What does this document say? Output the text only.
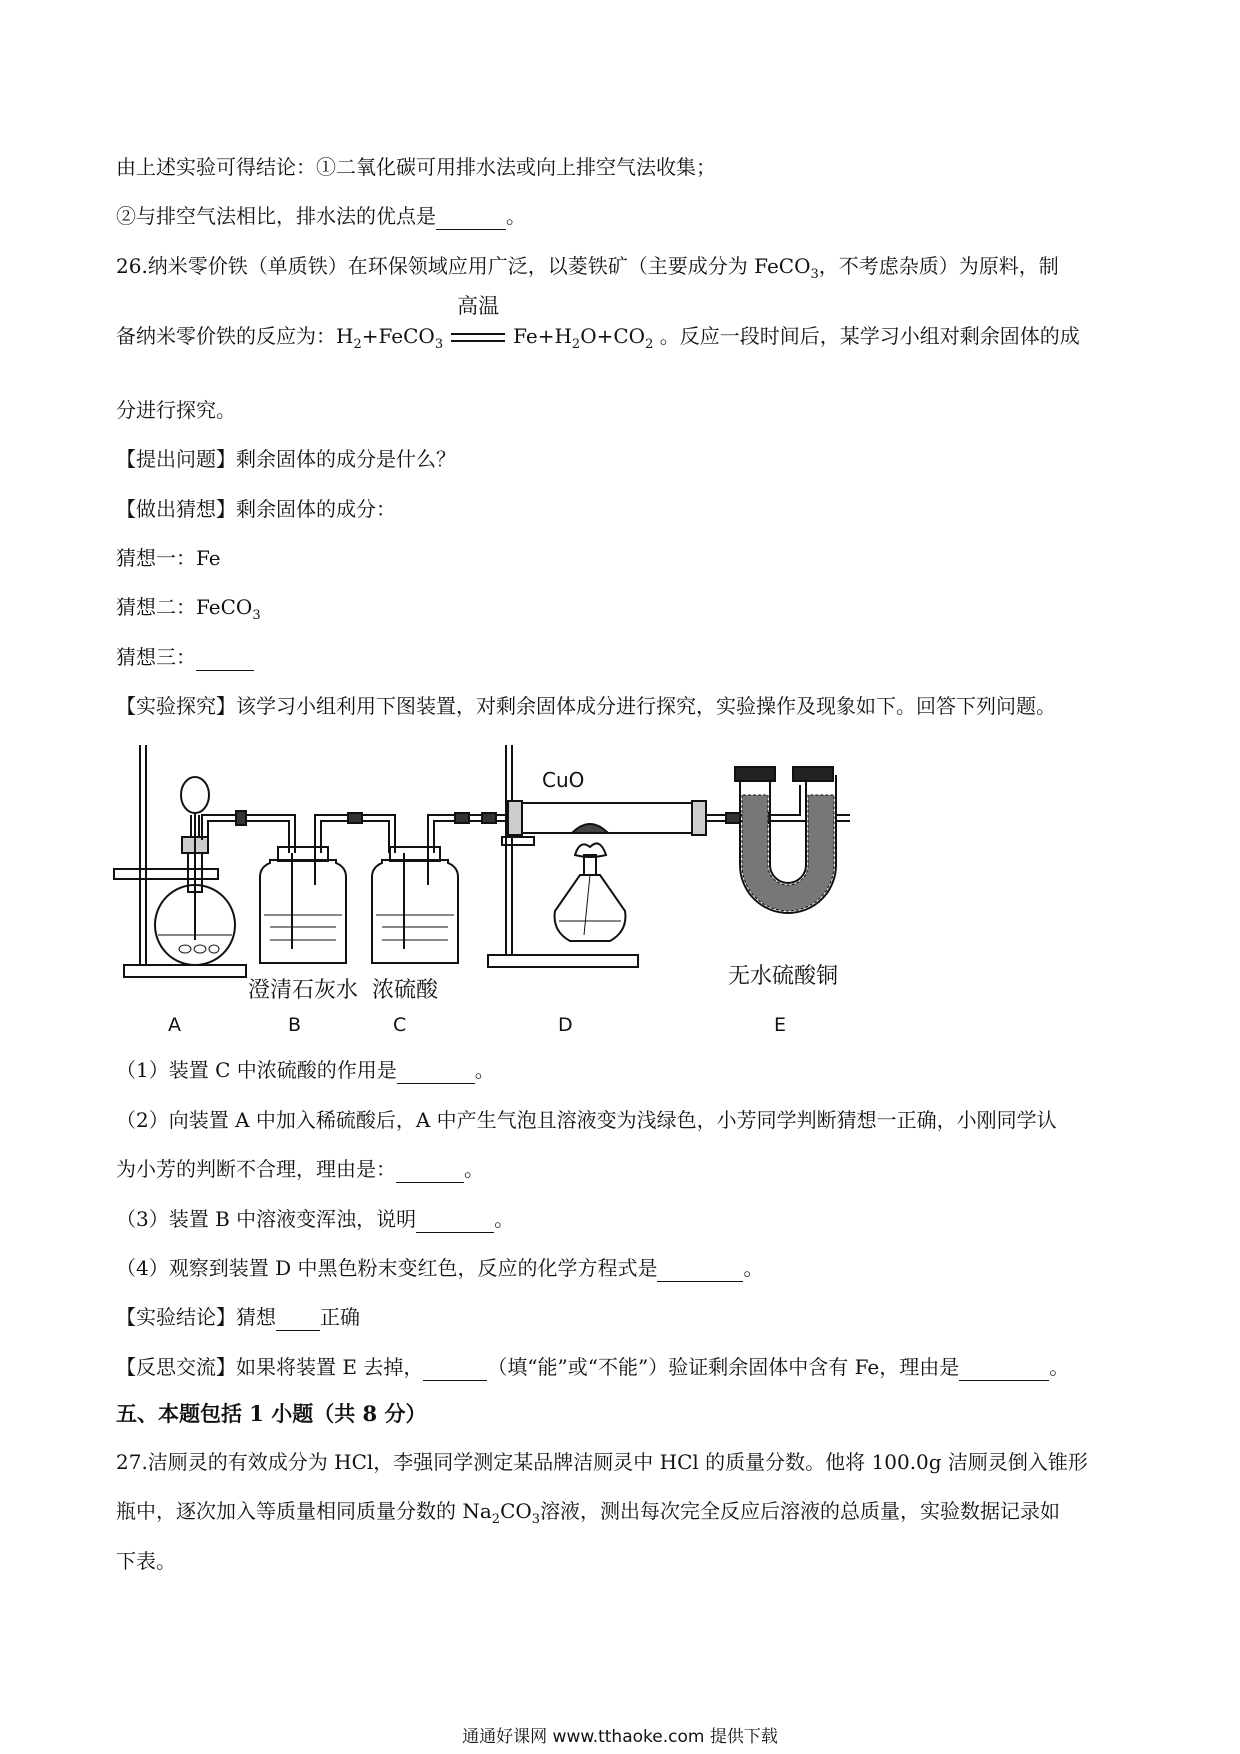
由上述实验可得结论：①二氧化碳可用排水法或向上排空气法收集；
②与排空气法相比，排水法的优点是	。
26.纳米零价铁（单质铁）在环保领域应用广泛，以菱铁矿（主要成分为 FeCO$_3$，不考虑杂质）为原料，制
备纳米零价铁的反应为：$H_2+FeCO_3$
高温
$Fe+H_2O+CO_2$ 。反应一段时间后，某学习小组对剩余固体的成
分进行探究。
【提出问题】剩余固体的成分是什么？
【做出猜想】剩余固体的成分：
猜想一：Fe
猜想二：FeCO$_3$
猜想三：
【实验探究】该学习小组利用下图装置，对剩余固体成分进行探究，实验操作及现象如下。回答下列问题。
CuO
澄清石灰水 浓硫酸
无水硫酸铜
A	B	C	D	E
（1）装置 C 中浓硫酸的作用是	。
（2）向装置 A 中加入稀硫酸后，A 中产生气泡且溶液变为浅绿色，小芳同学判断猜想一正确，小刚同学认
为小芳的判断不合理，理由是：	。
（3）装置 B 中溶液变浑浊，说明	。
（4）观察到装置 D 中黑色粉末变红色，反应的化学方程式是	。
【实验结论】猜想 正确
【反思交流】如果将装置 E 去掉，	（填“能”或“不能”）验证剩余固体中含有 Fe，理由是	。
五、本题包括 1 小题（共 8 分）
27.洁厕灵的有效成分为 HCl，李强同学测定某品牌洁厕灵中 HCl 的质量分数。他将 100.0g 洁厕灵倒入锥形
瓶中，逐次加入等质量相同质量分数的 $Na_2CO_3$溶液，测出每次完全反应后溶液的总质量，实验数据记录如
下表。
通通好课网 www.tthaoke.com 提供下载
